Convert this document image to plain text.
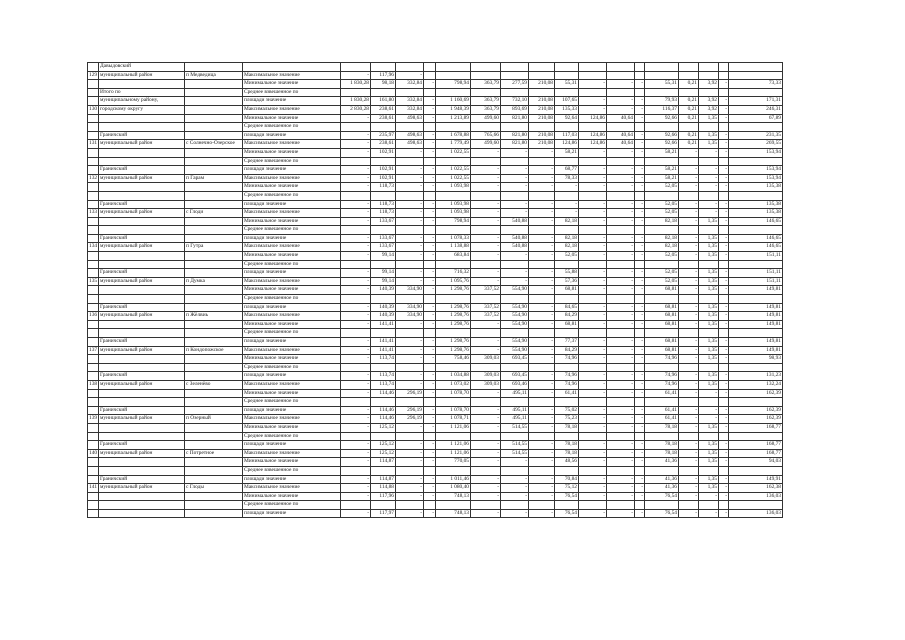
	Давыдовский																			
129	муниципальный район	п Медведица	Максимальное значение	-	117,96	-														
			Минимальное значение	1 830,28	98,18	332,84	-	798,94	363,79	277,59	210,08	55,31	-	-	-	55,31	0,21	3,92	-	73,33
	Итого по		Среднее взвешенное по																	
	муниципальному району,		площади значение	1 830,28	161,80	332,84	-	1 160,69	363,79	732,10	210,08	107,65	-	-	-	79,93	0,21	3,92	-	171,31
130	городскому округу		Максимальное значение	2 830,28	238,61	332,84	-	1 948,39	363,79	893,69	210,08	135,33	-	-	-	116,37	0,21	3,92	-	246,31
			Минимальное значение	-	238,61	498,63	-	1 213,89	499,60	821,80	210,08	92,64	124,86	40,64	-	92,66	0,21	1,35	-	67,89
			Среднее взвешенное по																	
	Граничский		площади значение	-	235,97	498,63	-	1 678,88	765,66	821,80	210,08	117,03	124,86	40,64	-	92,66	0,21	1,35	-	231,35
131	муниципальный район	с Солнечно-Озерское	Максимальное значение	-	238,61	498,63	-	1 779,49	499,60	821,80	210,08	124,86	124,86	40,64	-	92,66	0,21	1,35	-	269,55
			Минимальное значение	-	102,91	-	-	1 022,55	-	-	-	58,21	-	-	-	58,21	-	-	-	153,94
			Среднее взвешенное по																	
	Граничский		площади значение	-	102,91	-	-	1 022,55	-	-	-	68,77	-	-	-	58,21	-	-	-	153,94
132	муниципальный район	п Гарам	Максимальное значение	-	102,91	-	-	1 022,55	-	-	-	78,33	-	-	-	58,21	-	-	-	153,94
			Минимальное значение	-	118,73	-	-	1 093,98	-	-	-	-	-	-	-	52,05	-	-	-	135,38
			Среднее взвешенное по																	
	Граничский		площади значение	-	118,73	-	-	1 093,98	-	-	-	-	-	-	-	52,05	-	-	-	135,38
133	муниципальный район	с Глоди	Максимальное значение	-	118,73	-	-	1 093,98	-	-	-	-	-	-	-	52,05	-	-	-	135,38
			Минимальное значение	-	133,67	-	-	798,94	-	540,88	-	82,18	-	-	-	82,18	-	1,35	-	146,65
			Среднее взвешенное по																	
	Граничский		площади значение	-	133,67	-	-	1 078,33	-	540,88	-	82,18	-	-	-	82,18	-	1,35	-	146,65
134	муниципальный район	п Гутра	Максимальное значение	-	133,67	-	-	1 138,88	-	540,88	-	82,18	-	-	-	82,18	-	1,35	-	146,65
			Минимальное значение	-	99,14	-	-	683,84	-	-	-	52,05	-	-	-	52,05	-	1,35	-	151,11
			Среднее взвешенное по																	
	Граничский		площади значение	-	99,14	-	-	716,32	-	-	-	55,88	-	-	-	52,05	-	1,35	-	151,11
135	муниципальный район	п Думка	Максимальное значение	-	99,14	-	-	1 095,76	-	-	-	57,36	-	-	-	52,05	-	1,35	-	151,11
			Минимальное значение	-	140,39	334,90	-	1 298,76	337,52	554,90	-	68,81	-	-	-	68,81	-	1,35	-	149,81
			Среднее взвешенное по																	
	Граничский		площади значение	-	140,39	334,90	-	1 298,76	337,52	554,90	-	84,65	-	-	-	68,81	-	1,35	-	149,81
136	муниципальный район	п Жёлвиь	Максимальное значение	-	140,39	334,90	-	1 298,76	337,52	554,90	-	84,29	-	-	-	68,81	-	1,35	-	149,81
			Минимальное значение	-	141,41	-	-	1 298,76	-	554,90	-	68,81	-	-	-	68,81	-	1,35	-	149,81
			Среднее взвешенное по																	
	Граничский		площади значение	-	141,41	-	-	1 298,76	-	554,90	-	77,37	-	-	-	68,81	-	1,35	-	149,81
137	муниципальный район	п Кондопожское	Максимальное значение	-	141,41	-	-	1 298,76	-	554,90	-	84,29	-	-	-	68,81	-	1,35	-	149,81
			Минимальное значение	-	113,74	-	-	758,46	309,03	693,45	-	74,96	-	-	-	74,96	-	1,35	-	98,93
			Среднее взвешенное по																	
	Граничский		площади значение	-	113,74	-	-	1 034,88	309,03	693,45	-	74,96	-	-	-	74,96	-	1,35	-	131,23
138	муниципальный район	с Зеленёво	Максимальное значение	-	113,74	-	-	1 073,02	309,03	693,46	-	74,96	-	-	-	74,96	-	1,35	-	132,24
			Минимальное значение	-	114,46	296,19	-	1 078,70	-	495,11	-	61,41	-	-	-	61,41	-	-	-	162,39
			Среднее взвешенное по																	
	Граничский		площади значение	-	114,46	296,19	-	1 078,70	-	495,11	-	75,02	-	-	-	61,41	-	-	-	162,39
139	муниципальный район	п Озерный	Максимальное значение	-	114,46	296,19	-	1 078,71	-	495,11	-	75,23	-	-	-	61,41	-	-	-	162,39
			Минимальное значение	-	125,12	-	-	1 121,06	-	514,55	-	78,18	-	-	-	78,18	-	1,35	-	168,77
			Среднее взвешенное по																	
	Граничский		площади значение	-	125,12	-	-	1 121,06	-	514,55	-	78,18	-	-	-	78,18	-	1,35	-	168,77
140	муниципальный район	с Потретное	Максимальное значение	-	125,12	-	-	1 121,06	-	514,55	-	78,18	-	-	-	78,18	-	1,35	-	168,77
			Минимальное значение	-	114,87	-	-	770,05	-	-	-	48,56	-	-	-	41,36	-	1,35	-	94,03
			Среднее взвешенное по																	
	Граничский		площади значение	-	114,87	-	-	1 011,46	-	-	-	70,84	-	-	-	41,36	-	1,35	-	149,91
141	муниципальный район	с Глоды	Максимальное значение	-	114,88	-	-	1 080,40	-	-	-	75,12	-	-	-	41,36	-	1,35	-	162,38
			Минимальное значение	-	117,96	-	-	748,13	-	-	-	76,54	-	-	-	76,54	-	-	-	136,03
			Среднее взвешенное по																	
			площади значение	-	117,97	-	-	748,13	-	-	-	76,54	-	-	-	76,54	-	-	-	136,03
